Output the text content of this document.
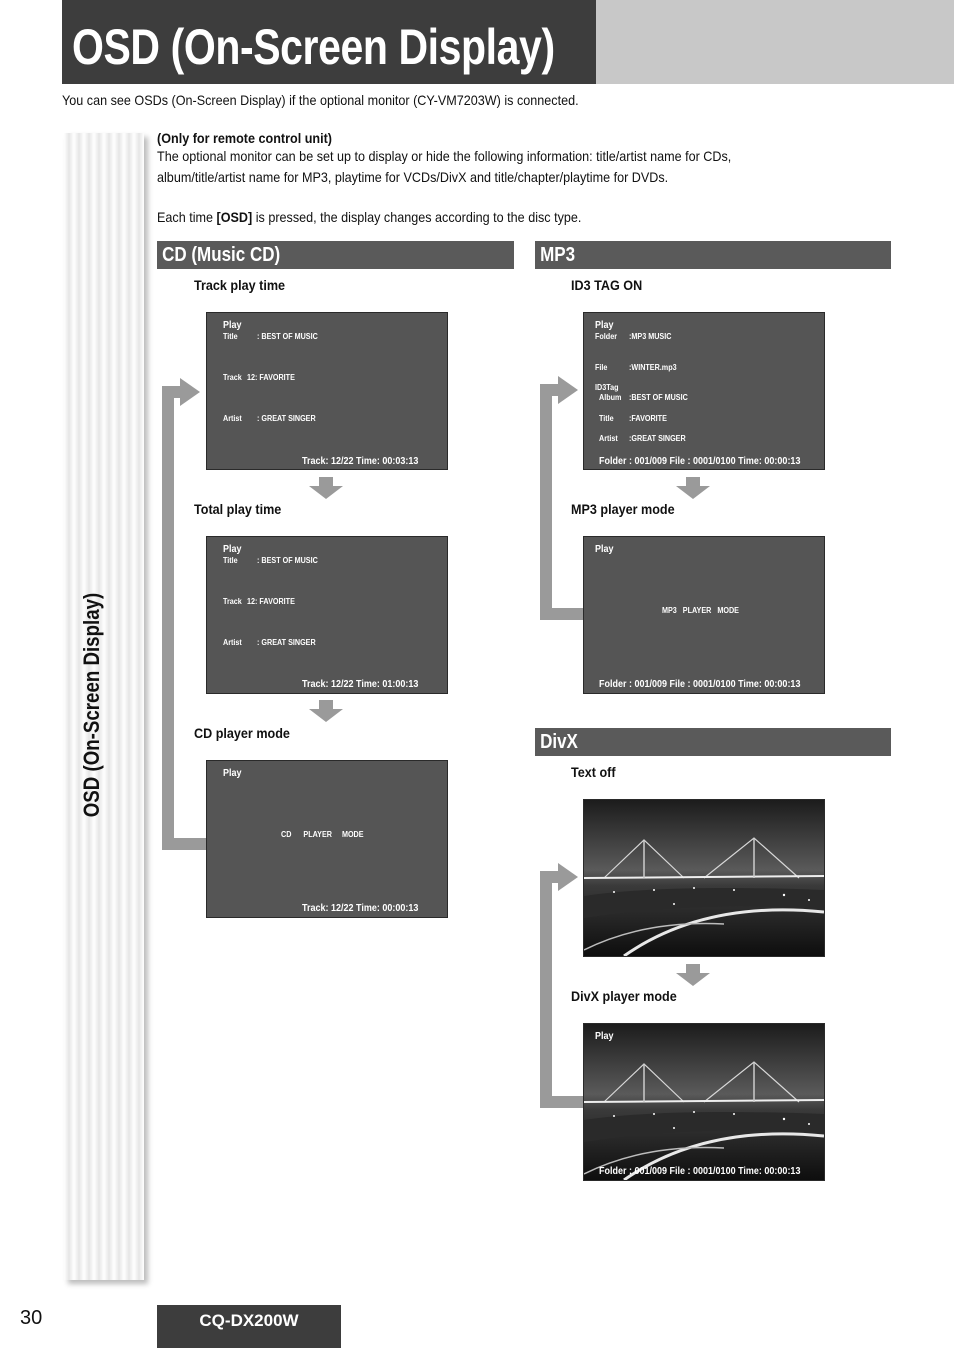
OSD (On-Screen Display)
You can see OSDs (On-Screen Display) if the optional monitor (CY-VM7203W) is connected.
OSD (On-Screen Display)
(Only for remote control unit)
The optional monitor can be set up to display or hide the following information: title/artist name for CDs,
album/title/artist name for MP3, playtime for VCDs/DivX and title/chapter/playtime for DVDs.
Each time [OSD] is pressed, the display changes according to the disc type.
CD (Music CD)	MP3
DivX
Track play time
Total play time
CD player mode
Play
Title : BEST OF MUSIC
Track 12: FAVORITE
Artist : GREAT SINGER
Track: 12/22 Time: 00:03:13
Play
Title : BEST OF MUSIC
Track 12: FAVORITE
Artist : GREAT SINGER
Track: 12/22 Time: 01:00:13
Play
CD      PLAYER     MODE
Track: 12/22 Time: 00:00:13
ID3 TAG ON
MP3 player mode
Play
Folder :MP3 MUSIC
File	:WINTER.mp3
ID3Tag
Album :BEST OF MUSIC
Title :FAVORITE
Artist :GREAT SINGER
Folder : 001/009 File : 0001/0100 Time: 00:00:13
Play
MP3   PLAYER   MODE
Folder : 001/009 File : 0001/0100 Time: 00:00:13
Text off
DivX player mode
Play
Folder : 001/009 File : 0001/0100 Time: 00:00:13
30	CQ-DX200W
